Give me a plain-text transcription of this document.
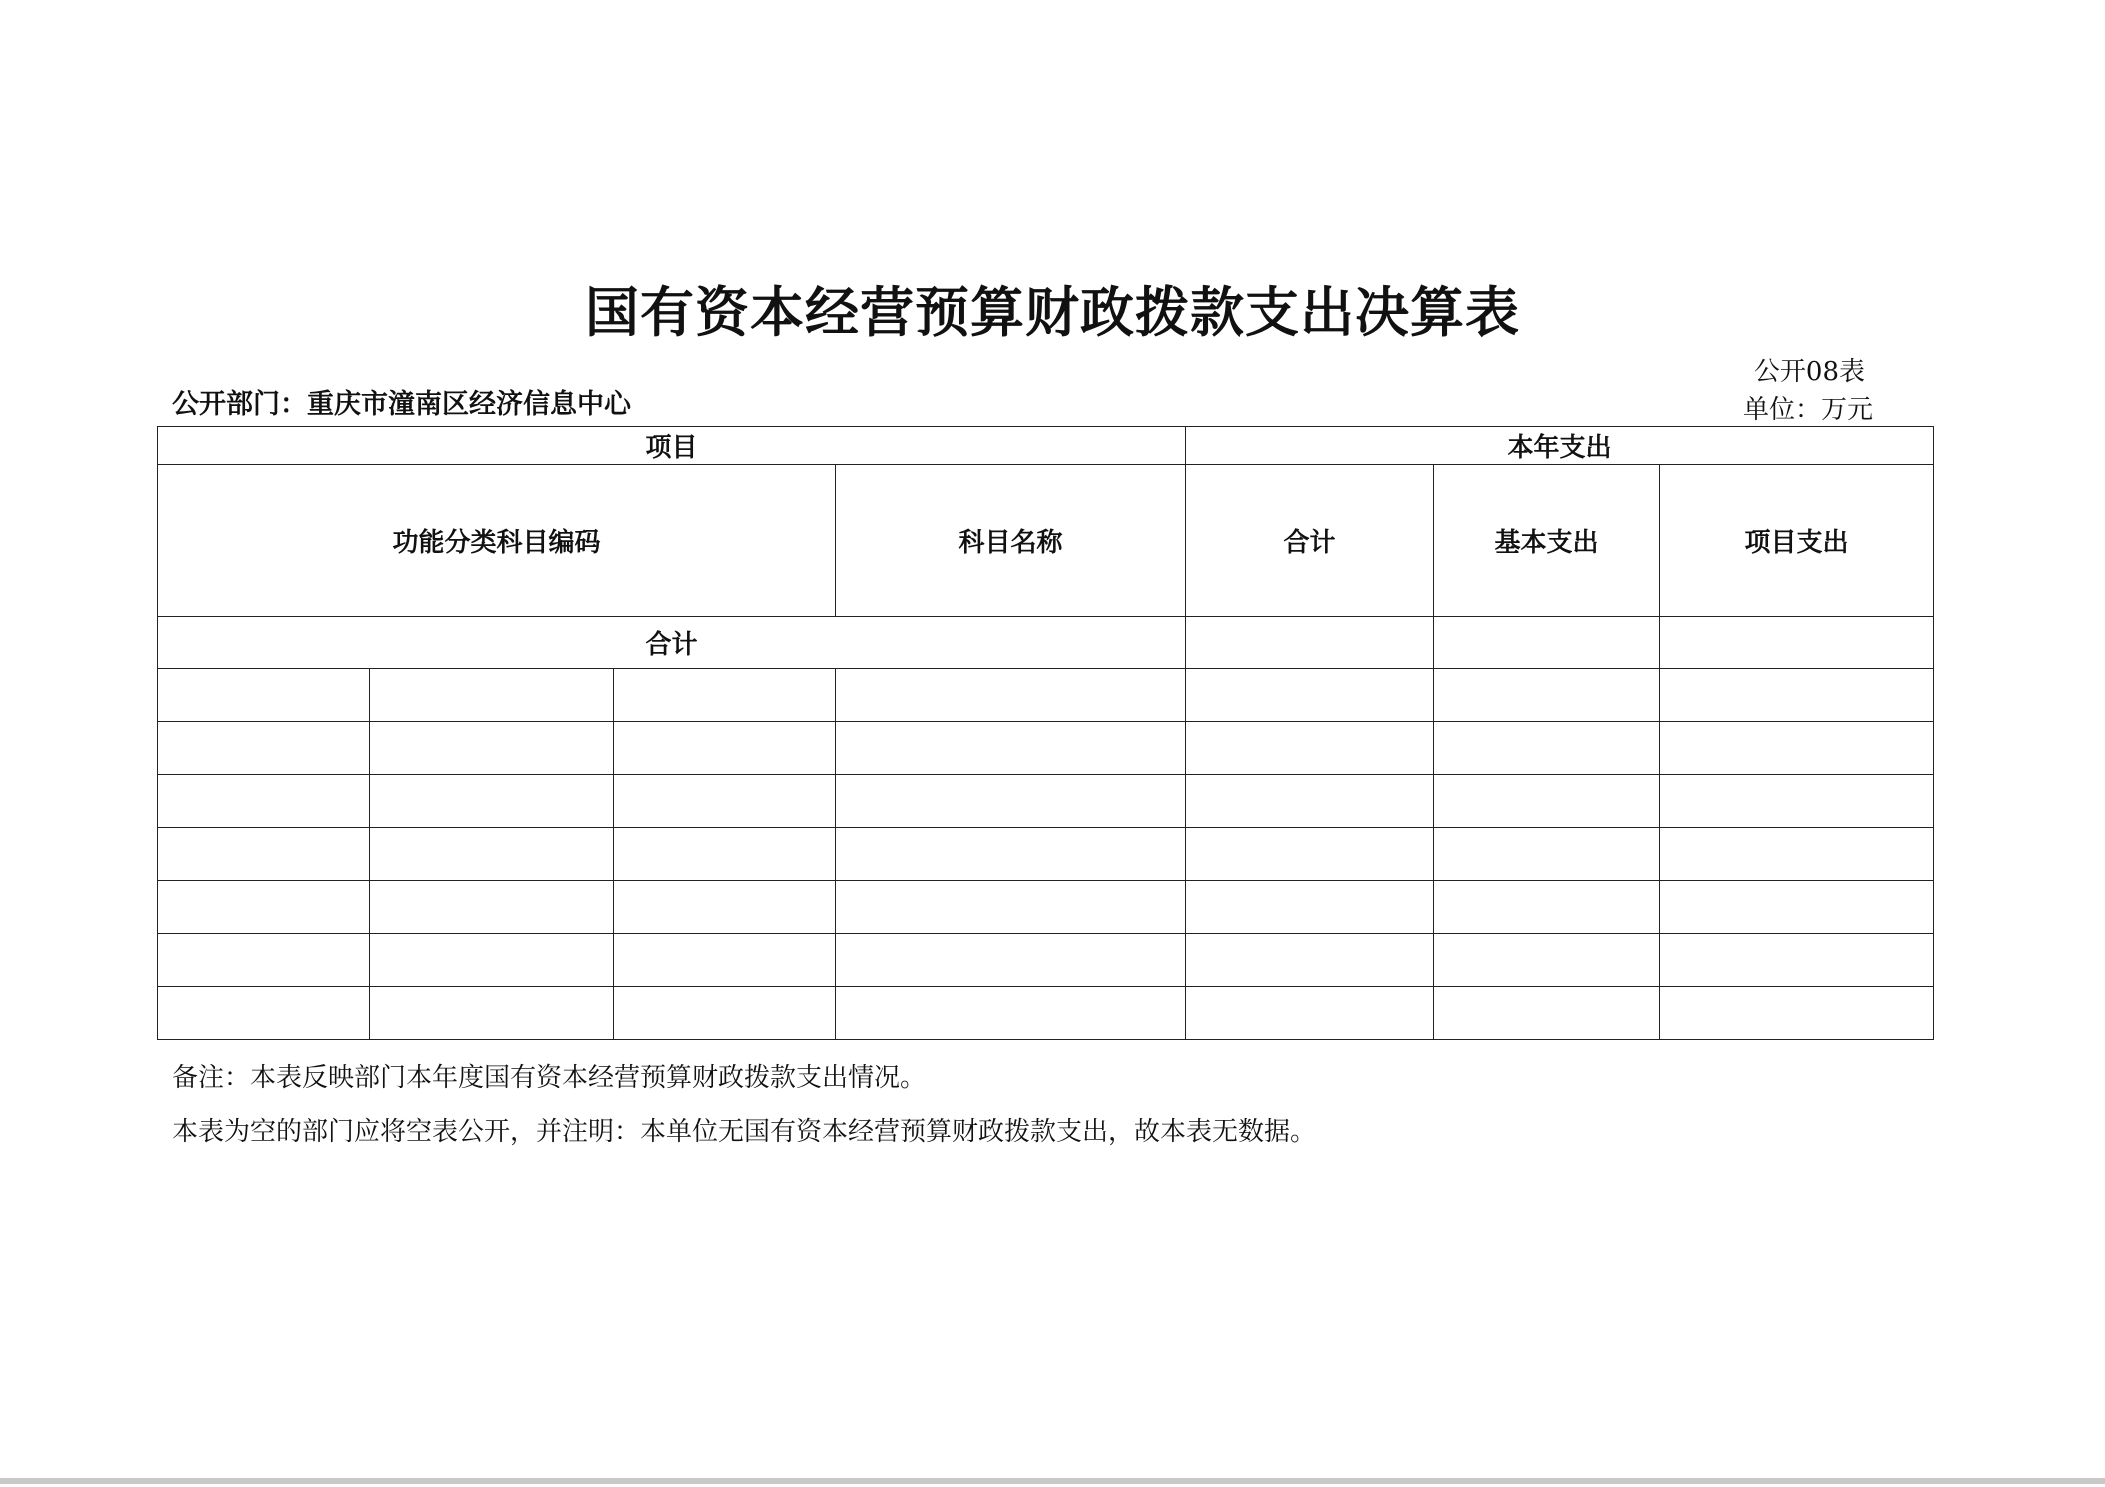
国有资本经营预算财政拨款支出决算表
公开08表
单位：万元
公开部门：重庆市潼南区经济信息中心
项目				本年支出		
功能分类科目编码			科目名称	合计	基本支出	项目支出
合计						

备注：本表反映部门本年度国有资本经营预算财政拨款支出情况。
本表为空的部门应将空表公开，并注明：本单位无国有资本经营预算财政拨款支出，故本表无数据。
